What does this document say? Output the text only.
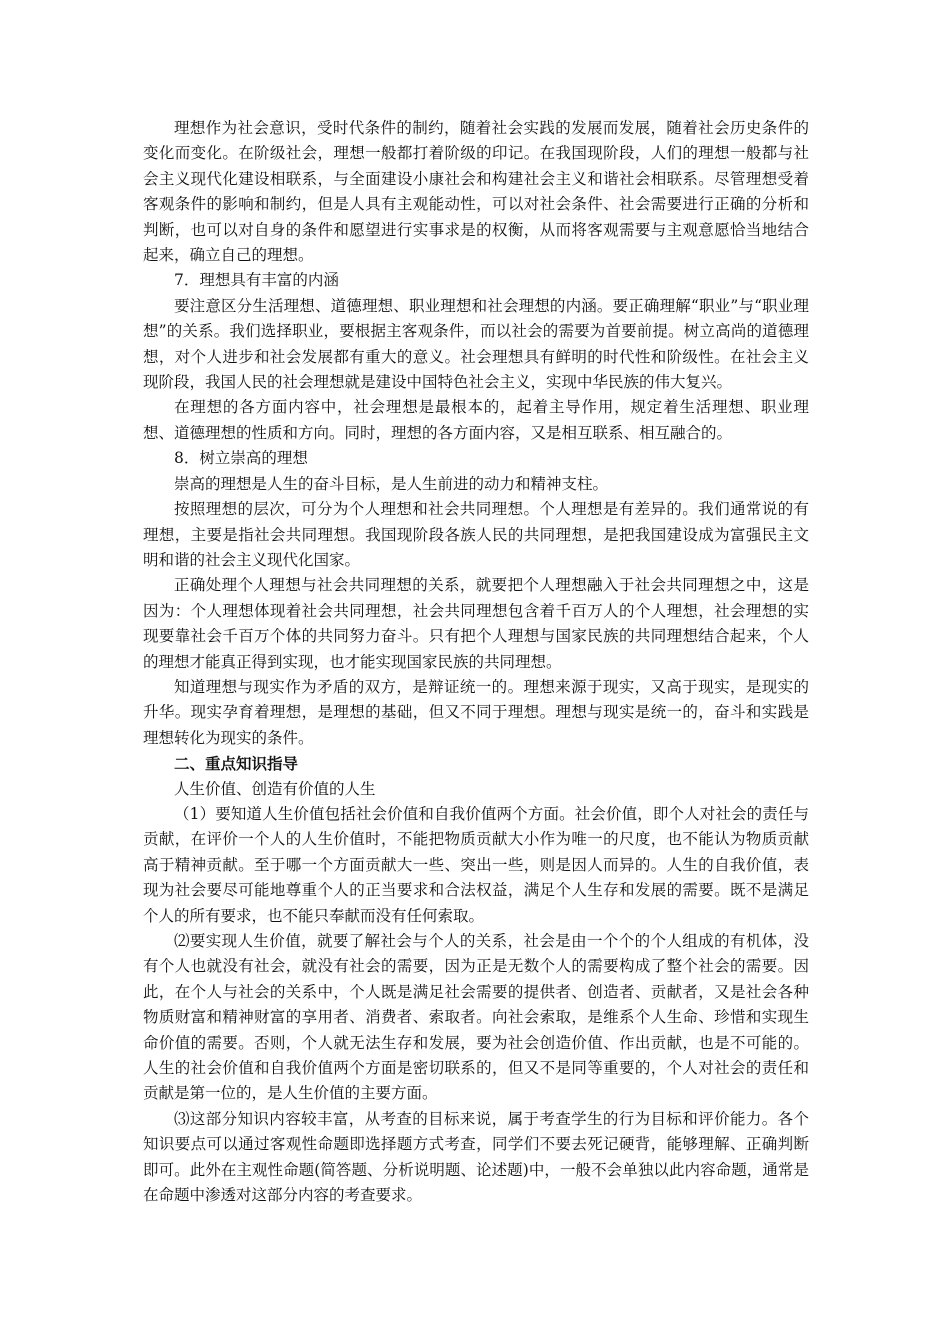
理想作为社会意识，受时代条件的制约，随着社会实践的发展而发展，随着社会历史条件的变化而变化。在阶级社会，理想一般都打着阶级的印记。在我国现阶段，人们的理想一般都与社会主义现代化建设相联系，与全面建设小康社会和构建社会主义和谐社会相联系。尽管理想受着客观条件的影响和制约，但是人具有主观能动性，可以对社会条件、社会需要进行正确的分析和判断，也可以对自身的条件和愿望进行实事求是的权衡，从而将客观需要与主观意愿恰当地结合起来，确立自己的理想。

7．理想具有丰富的内涵

要注意区分生活理想、道德理想、职业理想和社会理想的内涵。要正确理解“职业”与“职业理想”的关系。我们选择职业，要根据主客观条件，而以社会的需要为首要前提。树立高尚的道德理想，对个人进步和社会发展都有重大的意义。社会理想具有鲜明的时代性和阶级性。在社会主义现阶段，我国人民的社会理想就是建设中国特色社会主义，实现中华民族的伟大复兴。

在理想的各方面内容中，社会理想是最根本的，起着主导作用，规定着生活理想、职业理想、道德理想的性质和方向。同时，理想的各方面内容，又是相互联系、相互融合的。

8．树立崇高的理想

崇高的理想是人生的奋斗目标，是人生前进的动力和精神支柱。

按照理想的层次，可分为个人理想和社会共同理想。个人理想是有差异的。我们通常说的有理想，主要是指社会共同理想。我国现阶段各族人民的共同理想，是把我国建设成为富强民主文明和谐的社会主义现代化国家。

正确处理个人理想与社会共同理想的关系，就要把个人理想融入于社会共同理想之中，这是因为：个人理想体现着社会共同理想，社会共同理想包含着千百万人的个人理想，社会理想的实现要靠社会千百万个体的共同努力奋斗。只有把个人理想与国家民族的共同理想结合起来，个人的理想才能真正得到实现，也才能实现国家民族的共同理想。

知道理想与现实作为矛盾的双方，是辩证统一的。理想来源于现实，又高于现实，是现实的升华。现实孕育着理想，是理想的基础，但又不同于理想。理想与现实是统一的，奋斗和实践是理想转化为现实的条件。

二、重点知识指导

人生价值、创造有价值的人生

（1）要知道人生价值包括社会价值和自我价值两个方面。社会价值，即个人对社会的责任与贡献，在评价一个人的人生价值时，不能把物质贡献大小作为唯一的尺度，也不能认为物质贡献高于精神贡献。至于哪一个方面贡献大一些、突出一些，则是因人而异的。人生的自我价值，表现为社会要尽可能地尊重个人的正当要求和合法权益，满足个人生存和发展的需要。既不是满足个人的所有要求，也不能只奉献而没有任何索取。

⑵要实现人生价值，就要了解社会与个人的关系，社会是由一个个的个人组成的有机体，没有个人也就没有社会，就没有社会的需要，因为正是无数个人的需要构成了整个社会的需要。因此，在个人与社会的关系中，个人既是满足社会需要的提供者、创造者、贡献者，又是社会各种物质财富和精神财富的享用者、消费者、索取者。向社会索取，是维系个人生命、珍惜和实现生命价值的需要。否则，个人就无法生存和发展，要为社会创造价值、作出贡献，也是不可能的。人生的社会价值和自我价值两个方面是密切联系的，但又不是同等重要的，个人对社会的责任和贡献是第一位的，是人生价值的主要方面。

⑶这部分知识内容较丰富，从考查的目标来说，属于考查学生的行为目标和评价能力。各个知识要点可以通过客观性命题即选择题方式考查，同学们不要去死记硬背，能够理解、正确判断即可。此外在主观性命题(简答题、分析说明题、论述题)中，一般不会单独以此内容命题，通常是在命题中渗透对这部分内容的考查要求。
